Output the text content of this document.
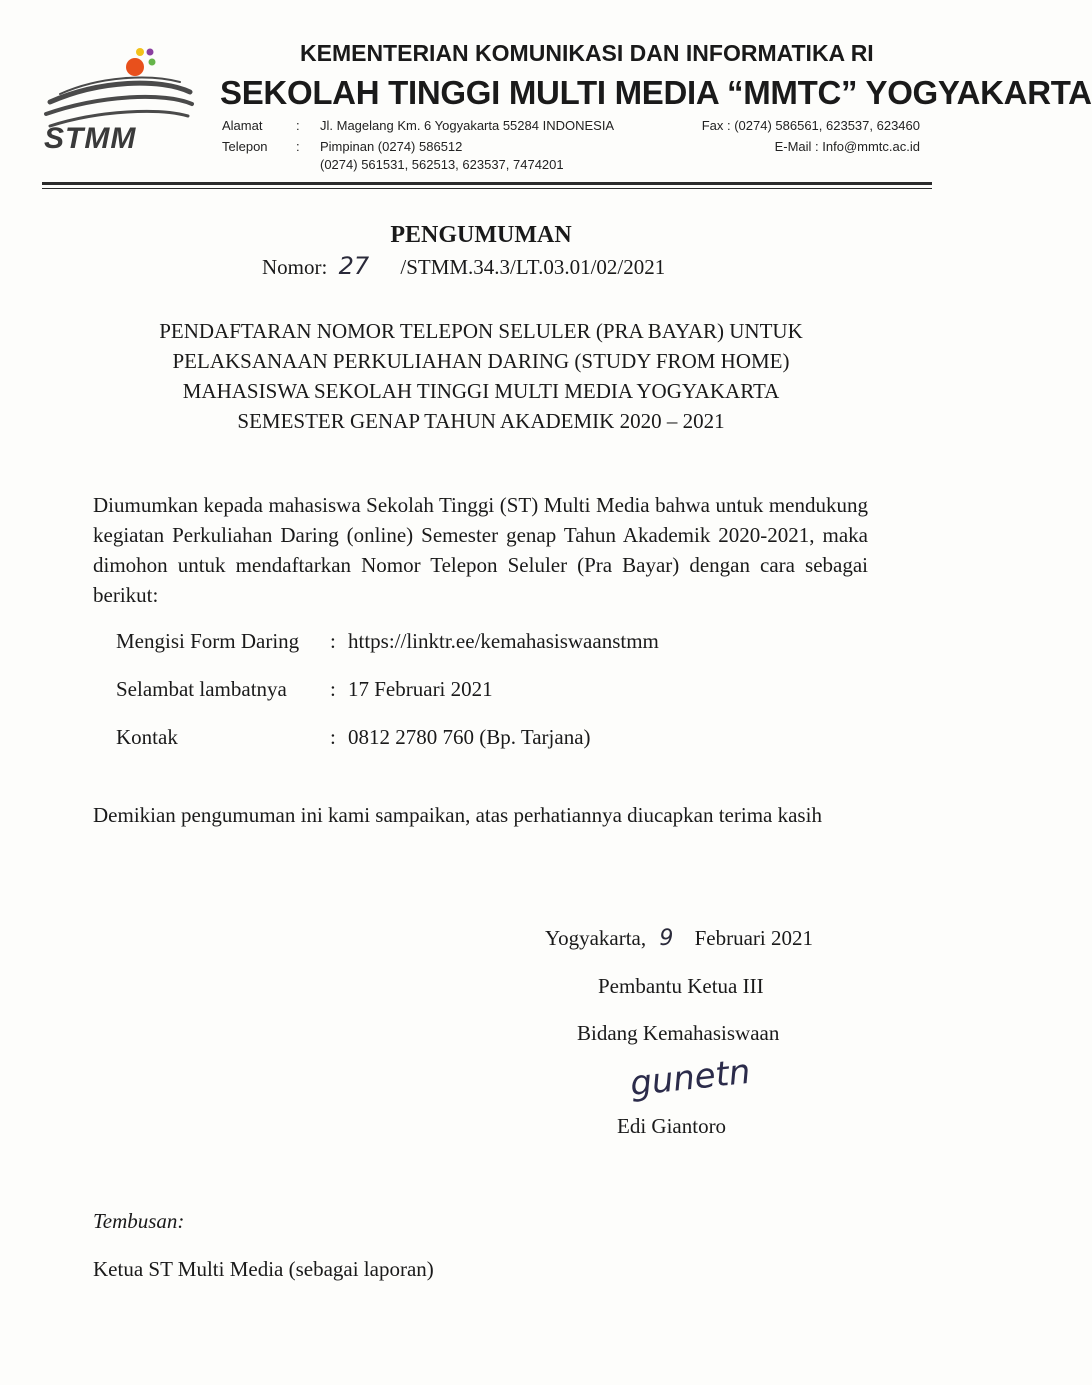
STMM
KEMENTERIAN KOMUNIKASI DAN INFORMATIKA RI
SEKOLAH TINGGI MULTI MEDIA “MMTC” YOGYAKARTA
Alamat	: Jl. Magelang Km. 6 Yogyakarta 55284 INDONESIA
Telepon : Pimpinan (0274) 586512
(0274) 561531, 562513, 623537, 7474201
Fax : (0274) 586561, 623537, 623460
E-Mail : Info@mmtc.ac.id
PENGUMUMAN
Nomor: 27 /STMM.34.3/LT.03.01/02/2021
PENDAFTARAN NOMOR TELEPON SELULER (PRA BAYAR) UNTUK
PELAKSANAAN PERKULIAHAN DARING (STUDY FROM HOME)
MAHASISWA SEKOLAH TINGGI MULTI MEDIA YOGYAKARTA
SEMESTER GENAP TAHUN AKADEMIK 2020 – 2021
Diumumkan kepada mahasiswa Sekolah Tinggi (ST) Multi Media bahwa untuk mendukung kegiatan Perkuliahan Daring (online) Semester genap Tahun Akademik 2020-2021, maka dimohon untuk mendaftarkan Nomor Telepon Seluler (Pra Bayar) dengan cara sebagai berikut:
Mengisi Form Daring : https://linktr.ee/kemahasiswaanstmm
Selambat lambatnya : 17 Februari 2021
Kontak	: 0812 2780 760 (Bp. Tarjana)
Demikian pengumuman ini kami sampaikan, atas perhatiannya diucapkan terima kasih
Yogyakarta, 9 Februari 2021
Pembantu Ketua III
Bidang Kemahasiswaan
gunetn
Edi Giantoro
Tembusan:
Ketua ST Multi Media (sebagai laporan)
